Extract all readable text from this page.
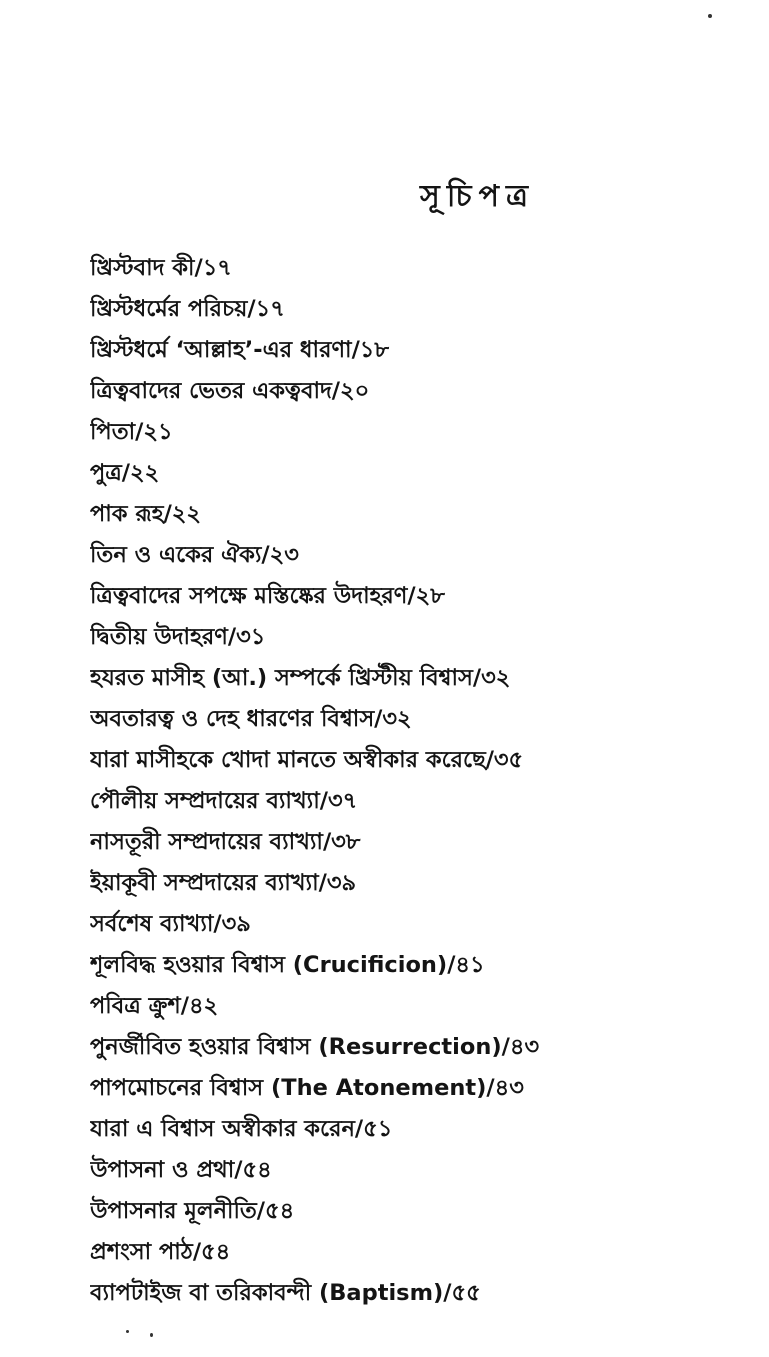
সূচিপত্র
খ্রিস্টবাদ কী/১৭
খ্রিস্টধর্মের পরিচয়/১৭
খ্রিস্টধর্মে ‘আল্লাহ’-এর ধারণা/১৮
ত্রিত্ববাদের ভেতর একত্ববাদ/২০
পিতা/২১
পুত্র/২২
পাক রূহ/২২
তিন ও একের ঐক্য/২৩
ত্রিত্ববাদের সপক্ষে মস্তিষ্কের উদাহরণ/২৮
দ্বিতীয় উদাহরণ/৩১
হযরত মাসীহ (আ.) সম্পর্কে খ্রিস্টীয় বিশ্বাস/৩২
অবতারত্ব ও দেহ ধারণের বিশ্বাস/৩২
যারা মাসীহকে খোদা মানতে অস্বীকার করেছে/৩৫
পৌলীয় সম্প্রদায়ের ব্যাখ্যা/৩৭
নাসতূরী সম্প্রদায়ের ব্যাখ্যা/৩৮
ইয়াকূবী সম্প্রদায়ের ব্যাখ্যা/৩৯
সর্বশেষ ব্যাখ্যা/৩৯
শূলবিদ্ধ হওয়ার বিশ্বাস (Crucificion)/৪১
পবিত্র ক্রুশ/৪২
পুনর্জীবিত হওয়ার বিশ্বাস (Resurrection)/৪৩
পাপমোচনের বিশ্বাস (The Atonement)/৪৩
যারা এ বিশ্বাস অস্বীকার করেন/৫১
উপাসনা ও প্রথা/৫৪
উপাসনার মূলনীতি/৫৪
প্রশংসা পাঠ/৫৪
ব্যাপটাইজ বা তরিকাবন্দী (Baptism)/৫৫
